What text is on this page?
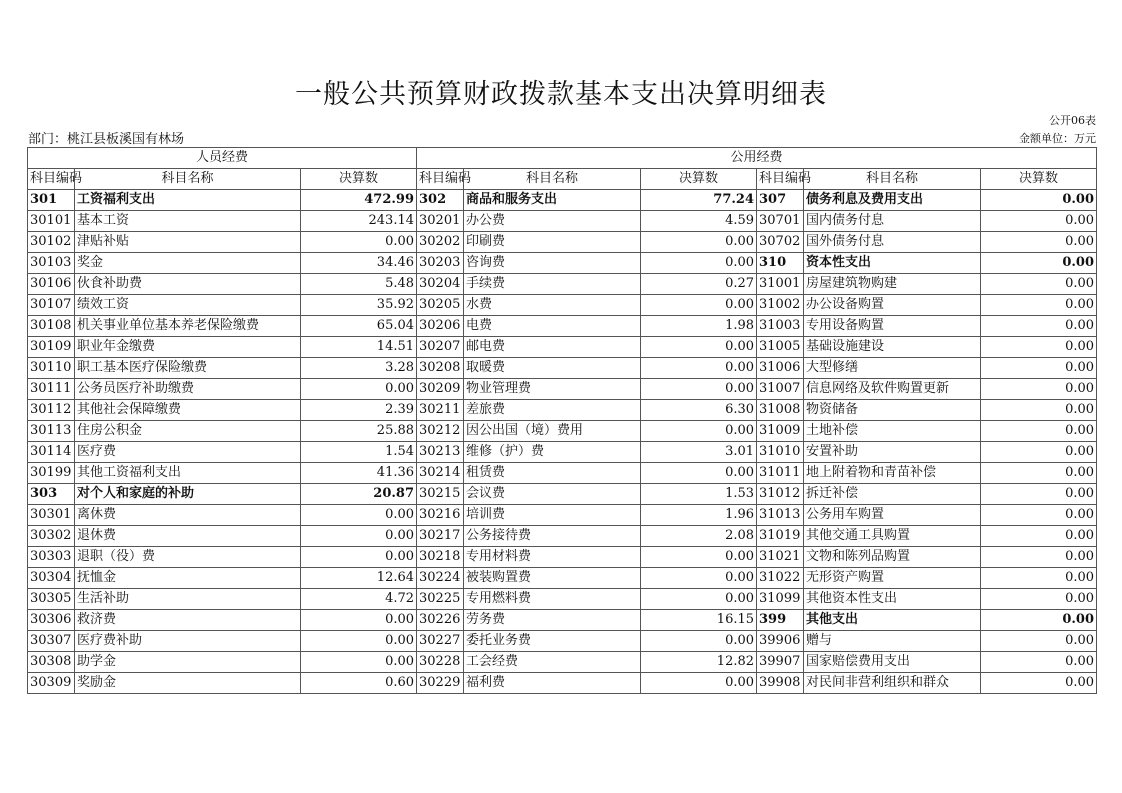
一般公共预算财政拨款基本支出决算明细表
公开06表
部门：桃江县板溪国有林场	金额单位：万元
人员经费			公用经费					
科目编码	科目名称	决算数	科目编码	科目名称	决算数	科目编码	科目名称	决算数
301	工资福利支出	472.99	302	商品和服务支出	77.24	307	债务利息及费用支出	0.00
30101	基本工资	243.14	30201	办公费	4.59	30701	国内债务付息	0.00
30102	津贴补贴	0.00	30202	印刷费	0.00	30702	国外债务付息	0.00
30103	奖金	34.46	30203	咨询费	0.00	310	资本性支出	0.00
30106	伙食补助费	5.48	30204	手续费	0.27	31001	房屋建筑物购建	0.00
30107	绩效工资	35.92	30205	水费	0.00	31002	办公设备购置	0.00
30108	机关事业单位基本养老保险缴费	65.04	30206	电费	1.98	31003	专用设备购置	0.00
30109	职业年金缴费	14.51	30207	邮电费	0.00	31005	基础设施建设	0.00
30110	职工基本医疗保险缴费	3.28	30208	取暖费	0.00	31006	大型修缮	0.00
30111	公务员医疗补助缴费	0.00	30209	物业管理费	0.00	31007	信息网络及软件购置更新	0.00
30112	其他社会保障缴费	2.39	30211	差旅费	6.30	31008	物资储备	0.00
30113	住房公积金	25.88	30212	因公出国（境）费用	0.00	31009	土地补偿	0.00
30114	医疗费	1.54	30213	维修（护）费	3.01	31010	安置补助	0.00
30199	其他工资福利支出	41.36	30214	租赁费	0.00	31011	地上附着物和青苗补偿	0.00
303	对个人和家庭的补助	20.87	30215	会议费	1.53	31012	拆迁补偿	0.00
30301	离休费	0.00	30216	培训费	1.96	31013	公务用车购置	0.00
30302	退休费	0.00	30217	公务接待费	2.08	31019	其他交通工具购置	0.00
30303	退职（役）费	0.00	30218	专用材料费	0.00	31021	文物和陈列品购置	0.00
30304	抚恤金	12.64	30224	被装购置费	0.00	31022	无形资产购置	0.00
30305	生活补助	4.72	30225	专用燃料费	0.00	31099	其他资本性支出	0.00
30306	救济费	0.00	30226	劳务费	16.15	399	其他支出	0.00
30307	医疗费补助	0.00	30227	委托业务费	0.00	39906	赠与	0.00
30308	助学金	0.00	30228	工会经费	12.82	39907	国家赔偿费用支出	0.00
30309	奖励金	0.60	30229	福利费	0.00	39908	对民间非营利组织和群众	0.00
